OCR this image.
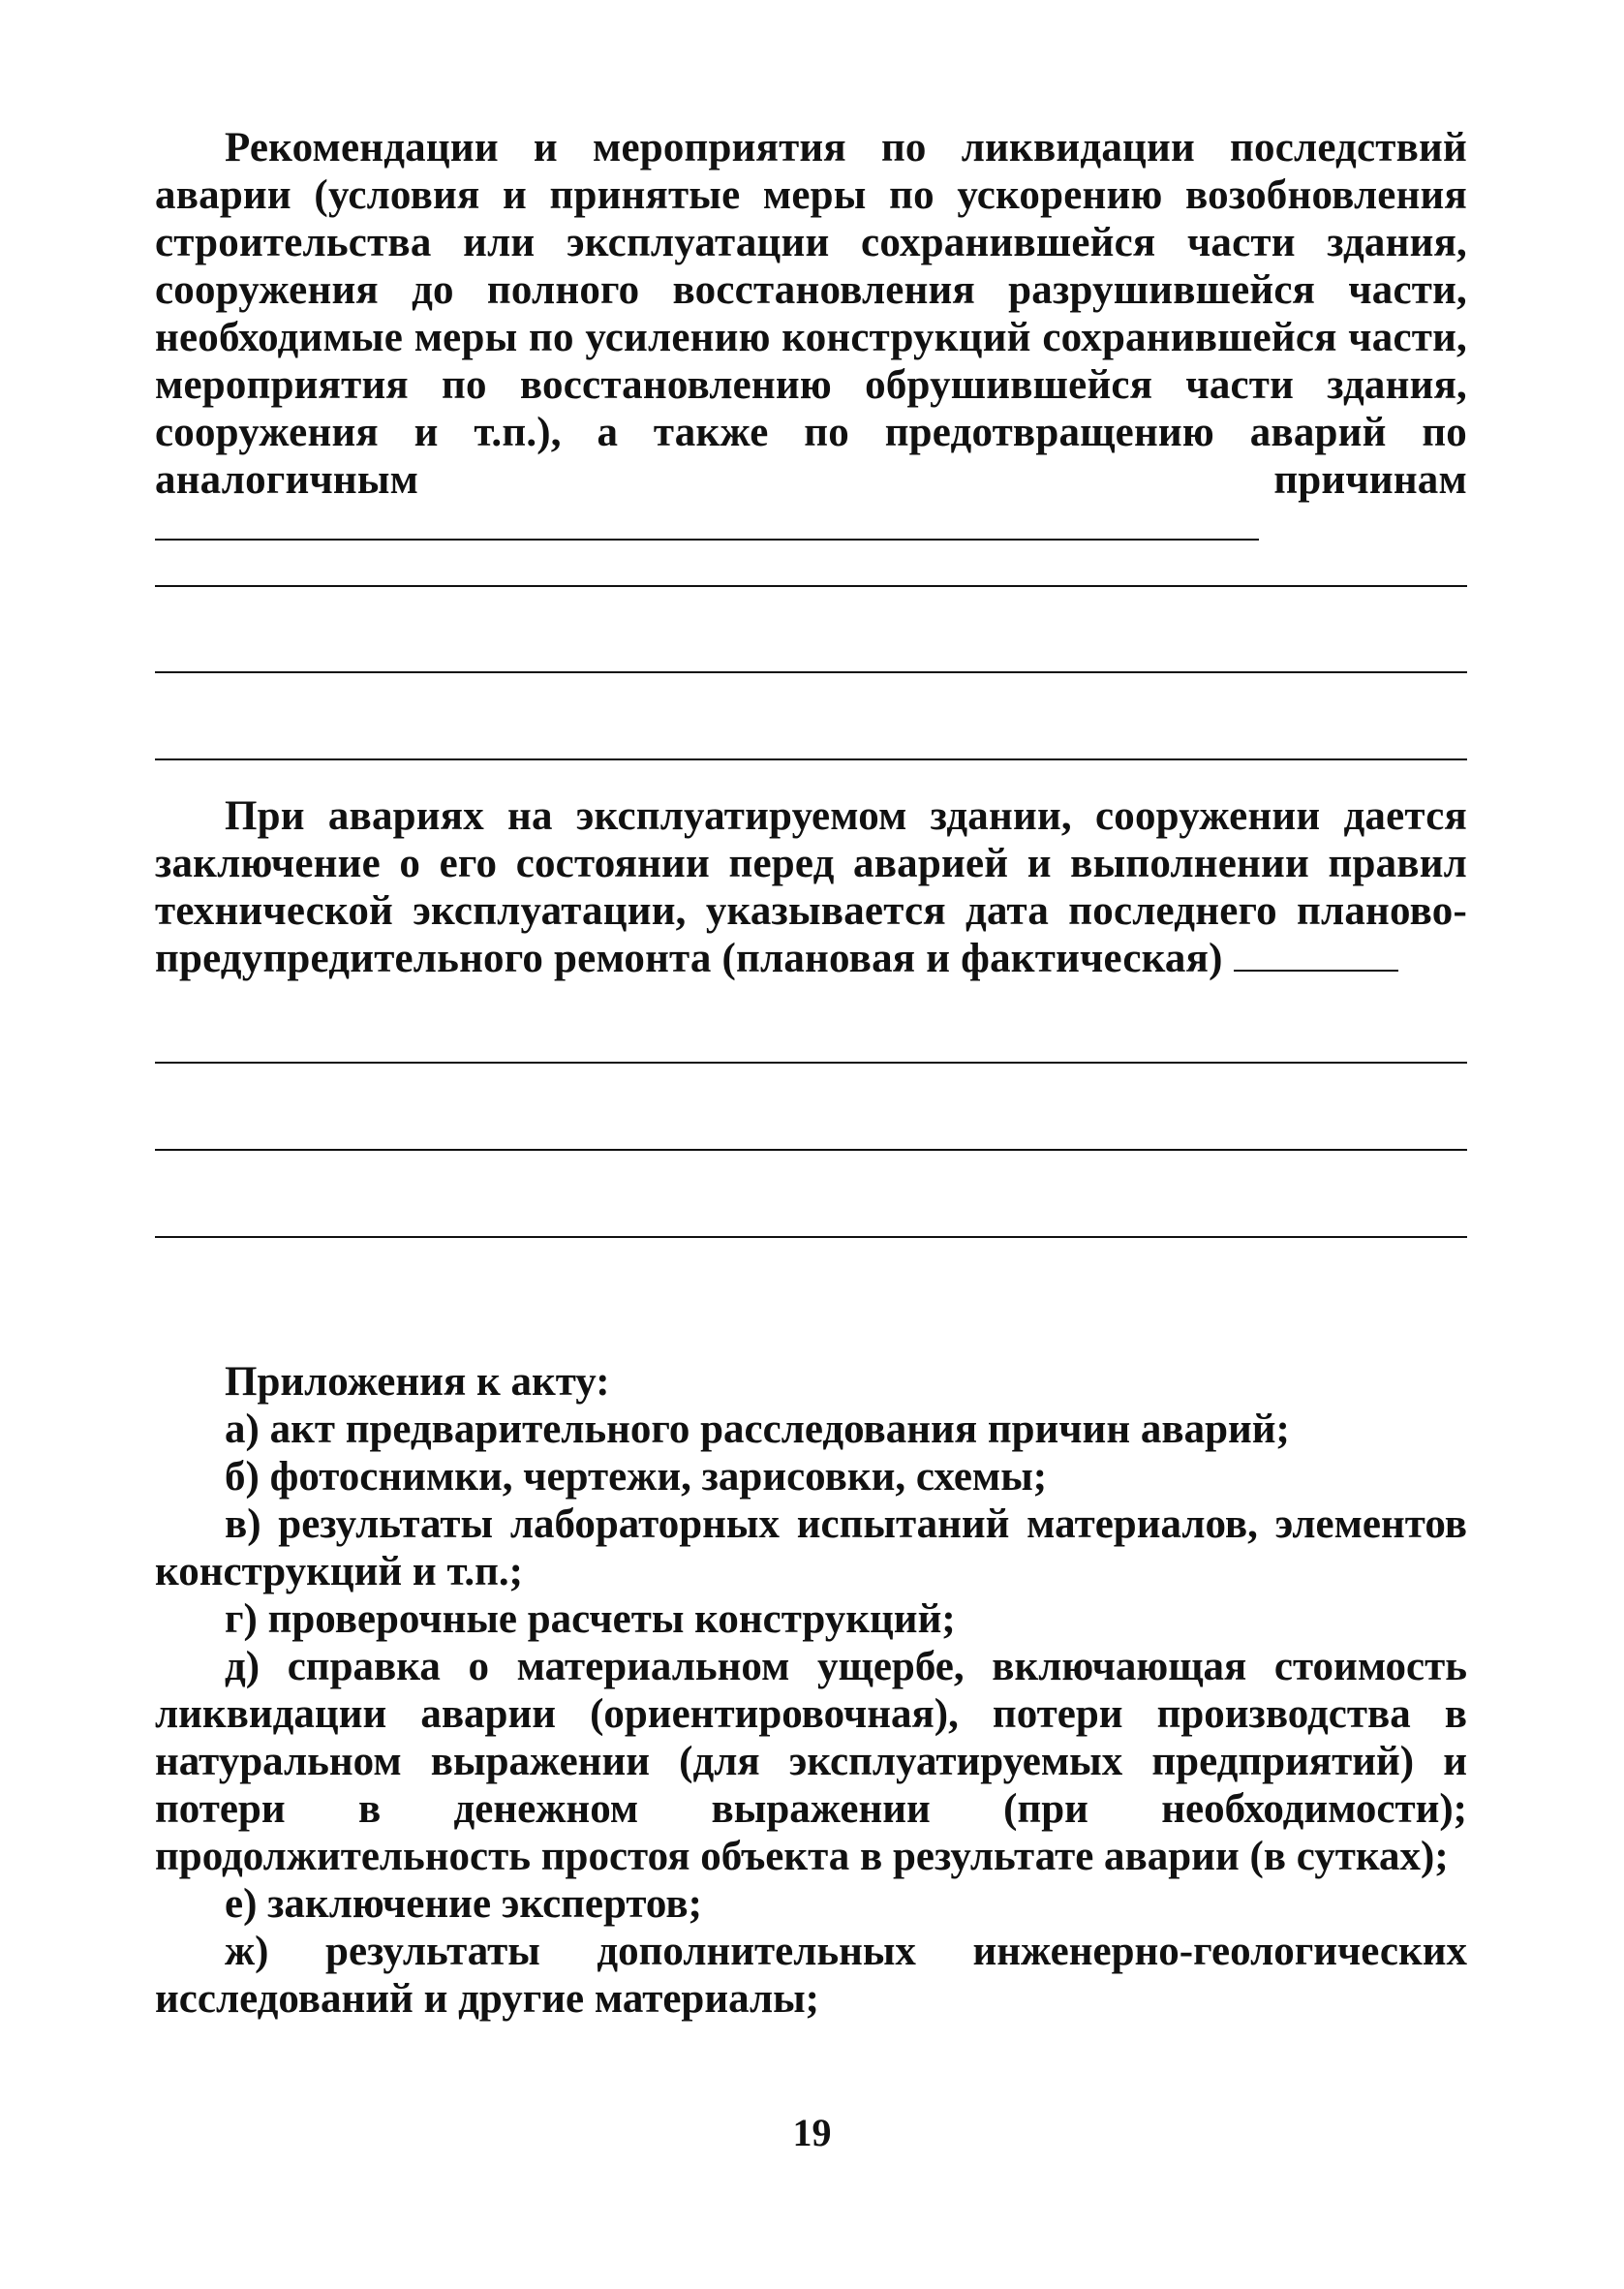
Рекомендации и мероприятия по ликвидации последствий аварии (условия и принятые меры по ускорению возобновления строительства или эксплуатации сохранившейся части здания, сооружения до полного восстановления разрушившейся части, необходимые меры по усилению конструкций сохранившейся части, мероприятия по восстановлению обрушившейся части здания, сооружения и т.п.), а также по предотвращению аварий по аналогичным причинам

При авариях на эксплуатируемом здании, сооружении дается заключение о его состоянии перед аварией и выполнении правил технической эксплуатации, указывается дата последнего планово-предупредительного ремонта (плановая и фактическая)

Приложения к акту:

а) акт предварительного расследования причин аварий;

б) фотоснимки, чертежи, зарисовки, схемы;

в) результаты лабораторных испытаний материалов, элементов конструкций и т.п.;

г) проверочные расчеты конструкций;

д) справка о материальном ущербе, включающая стоимость ликвидации аварии (ориентировочная), потери производства в натуральном выражении (для эксплуатируемых предприятий) и потери в денежном выражении (при необходимости); продолжительность простоя объекта в результате аварии (в сутках);

е) заключение экспертов;

ж) результаты дополнительных инженерно-геологических исследований и другие материалы;

19
